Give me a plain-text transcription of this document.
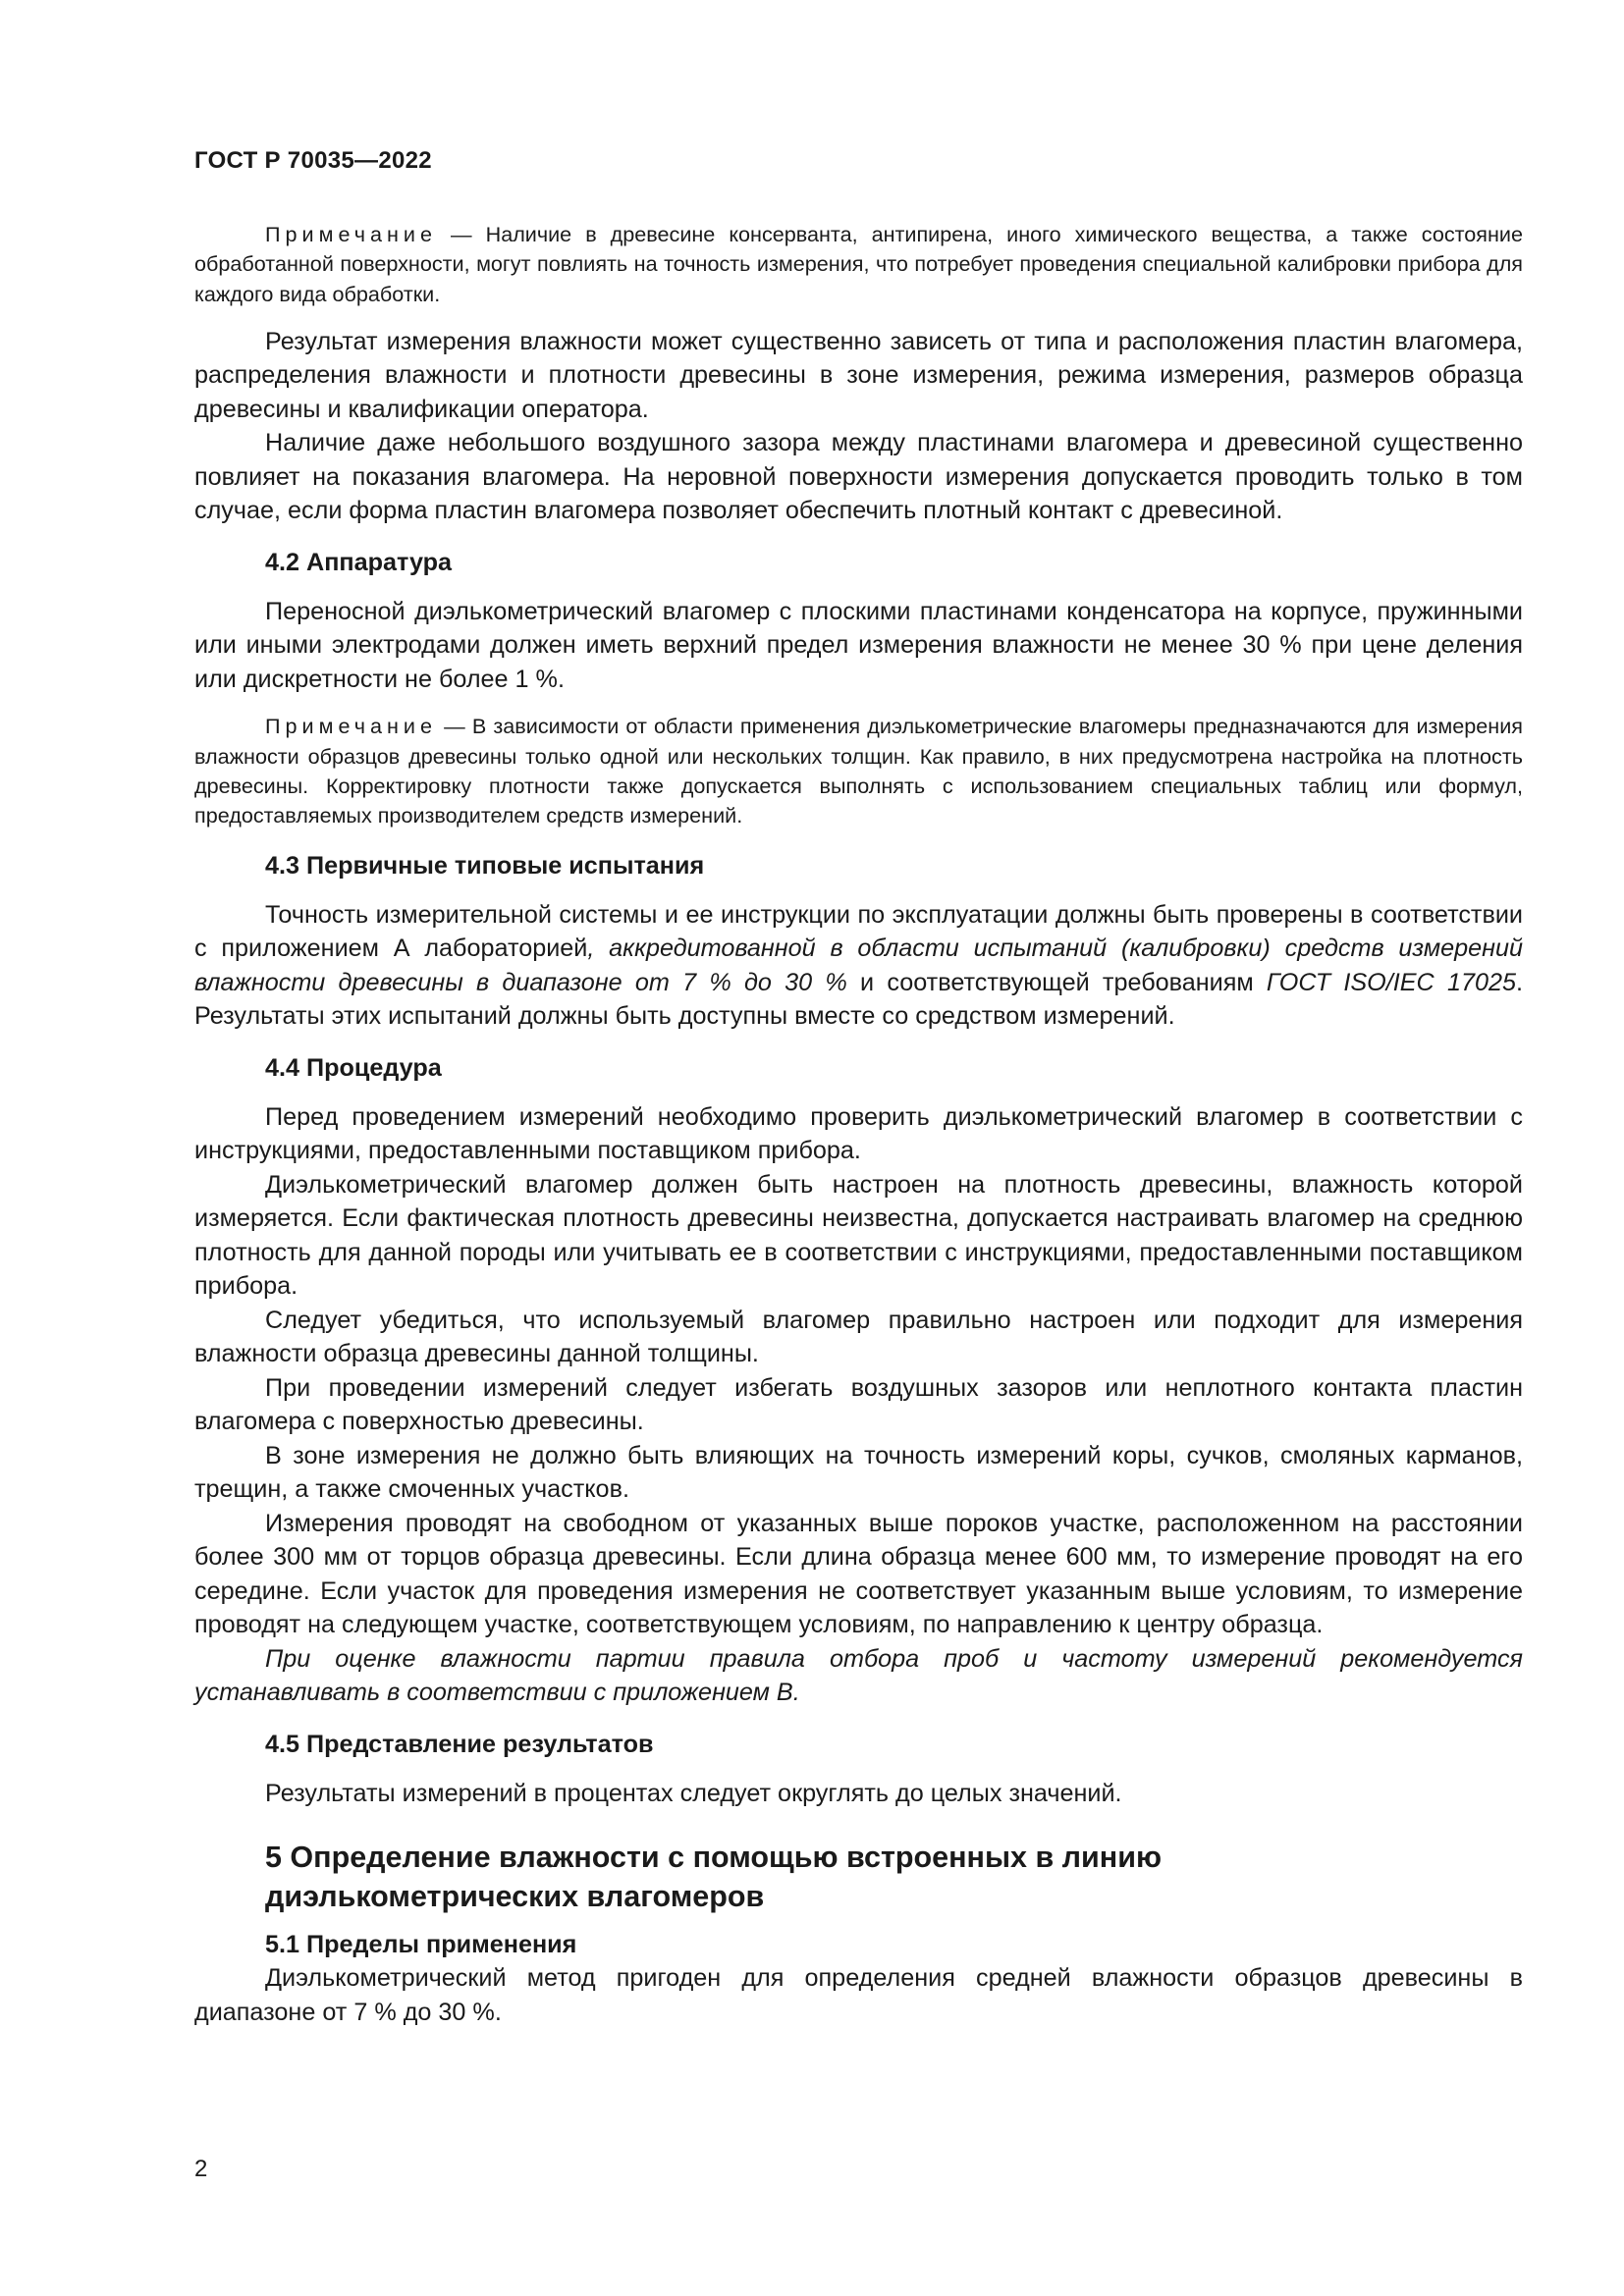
ГОСТ Р 70035—2022

Примечание — Наличие в древесине консерванта, антипирена, иного химического вещества, а также состояние обработанной поверхности, могут повлиять на точность измерения, что потребует проведения специальной калибровки прибора для каждого вида обработки.

Результат измерения влажности может существенно зависеть от типа и расположения пластин влагомера, распределения влажности и плотности древесины в зоне измерения, режима измерения, размеров образца древесины и квалификации оператора.

Наличие даже небольшого воздушного зазора между пластинами влагомера и древесиной существенно повлияет на показания влагомера. На неровной поверхности измерения допускается проводить только в том случае, если форма пластин влагомера позволяет обеспечить плотный контакт с древесиной.

4.2 Аппаратура

Переносной диэлькометрический влагомер с плоскими пластинами конденсатора на корпусе, пружинными или иными электродами должен иметь верхний предел измерения влажности не менее 30 % при цене деления или дискретности не более 1 %.

Примечание — В зависимости от области применения диэлькометрические влагомеры предназначаются для измерения влажности образцов древесины только одной или нескольких толщин. Как правило, в них предусмотрена настройка на плотность древесины. Корректировку плотности также допускается выполнять с использованием специальных таблиц или формул, предоставляемых производителем средств измерений.

4.3 Первичные типовые испытания

Точность измерительной системы и ее инструкции по эксплуатации должны быть проверены в соответствии с приложением А лабораторией, аккредитованной в области испытаний (калибровки) средств измерений влажности древесины в диапазоне от 7 % до 30 % и соответствующей требованиям ГОСТ ISO/IEC 17025. Результаты этих испытаний должны быть доступны вместе со средством измерений.

4.4 Процедура

Перед проведением измерений необходимо проверить диэлькометрический влагомер в соответствии с инструкциями, предоставленными поставщиком прибора.

Диэлькометрический влагомер должен быть настроен на плотность древесины, влажность которой измеряется. Если фактическая плотность древесины неизвестна, допускается настраивать влагомер на среднюю плотность для данной породы или учитывать ее в соответствии с инструкциями, предоставленными поставщиком прибора.

Следует убедиться, что используемый влагомер правильно настроен или подходит для измерения влажности образца древесины данной толщины.

При проведении измерений следует избегать воздушных зазоров или неплотного контакта пластин влагомера с поверхностью древесины.

В зоне измерения не должно быть влияющих на точность измерений коры, сучков, смоляных карманов, трещин, а также смоченных участков.

Измерения проводят на свободном от указанных выше пороков участке, расположенном на расстоянии более 300 мм от торцов образца древесины. Если длина образца менее 600 мм, то измерение проводят на его середине. Если участок для проведения измерения не соответствует указанным выше условиям, то измерение проводят на следующем участке, соответствующем условиям, по направлению к центру образца.

При оценке влажности партии правила отбора проб и частоту измерений рекомендуется устанавливать в соответствии с приложением В.

4.5 Представление результатов

Результаты измерений в процентах следует округлять до целых значений.

5 Определение влажности с помощью встроенных в линию
диэлькометрических влагомеров
5.1 Пределы применения

Диэлькометрический метод пригоден для определения средней влажности образцов древесины в диапазоне от 7 % до 30 %.

2
